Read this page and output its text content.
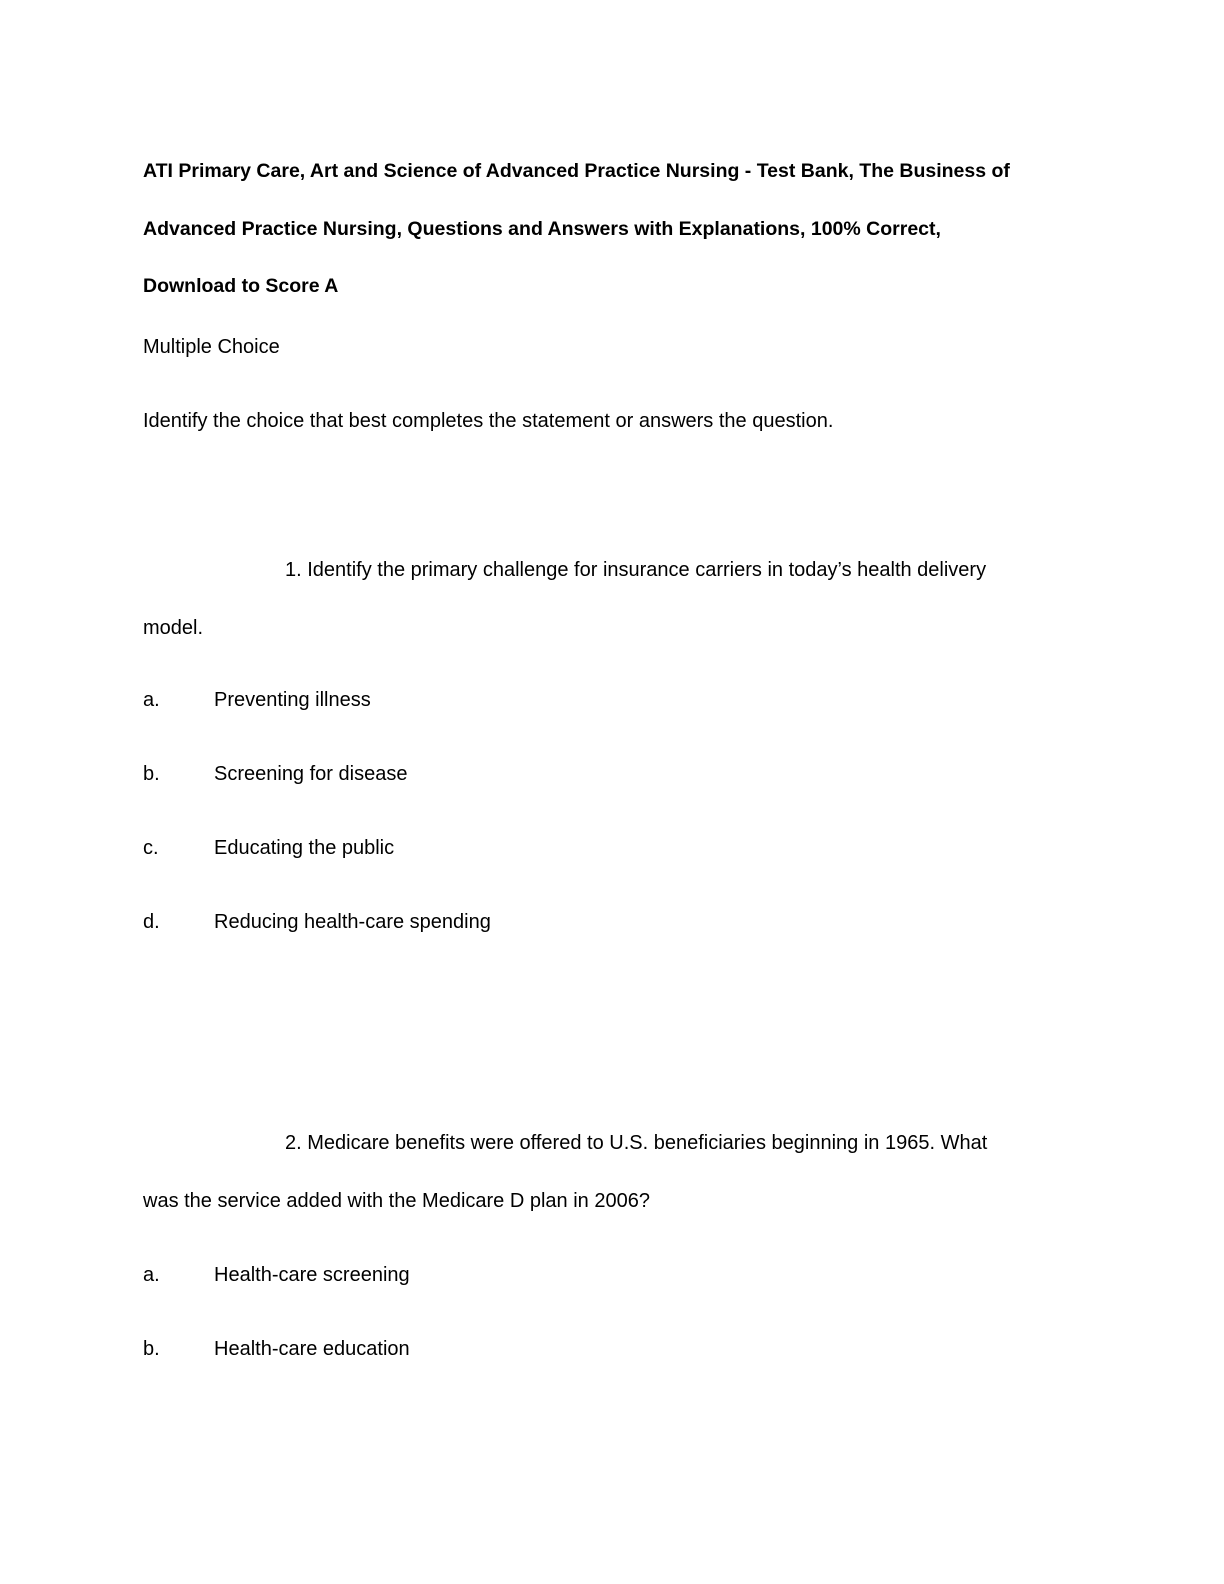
ATI Primary Care, Art and Science of Advanced Practice Nursing - Test Bank, The Business of
Advanced Practice Nursing, Questions and Answers with Explanations, 100% Correct,
Download to Score A

Multiple Choice

Identify the choice that best completes the statement or answers the question.

1. Identify the primary challenge for insurance carriers in today’s health delivery
model.
a.	Preventing illness
b.	Screening for disease
c.	Educating the public
d.	Reducing health-care spending
2. Medicare benefits were offered to U.S. beneficiaries beginning in 1965. What
was the service added with the Medicare D plan in 2006?
a.	Health-care screening
b.	Health-care education
